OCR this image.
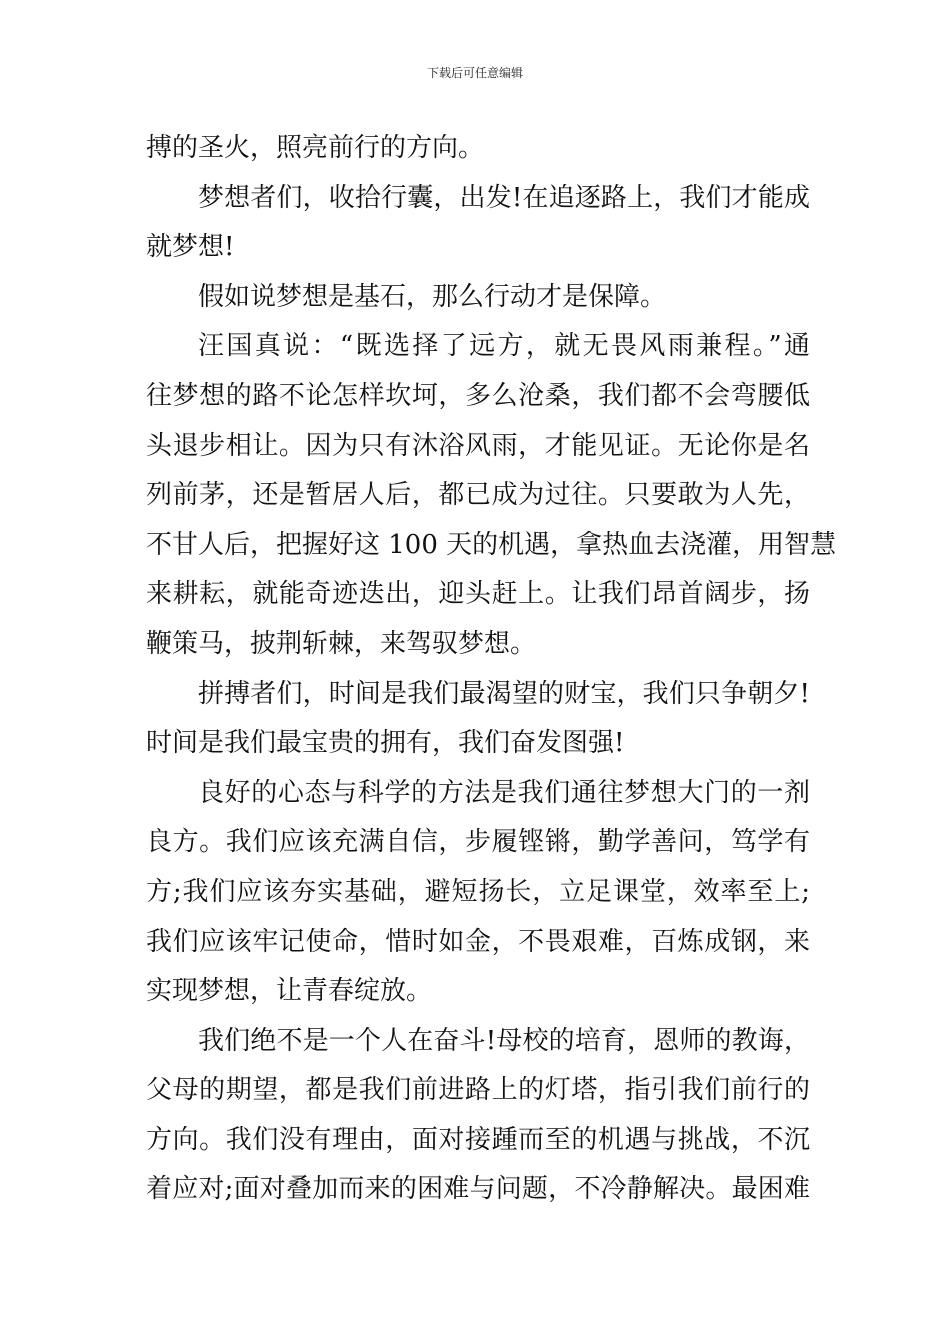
下载后可任意编辑
搏的圣火，照亮前行的方向。
梦想者们，收拾行囊，出发!在追逐路上，我们才能成
就梦想!
假如说梦想是基石，那么行动才是保障。
汪国真说：“既选择了远方，就无畏风雨兼程。”通
往梦想的路不论怎样坎坷，多么沧桑，我们都不会弯腰低
头退步相让。因为只有沐浴风雨，才能见证。无论你是名
列前茅，还是暂居人后，都已成为过往。只要敢为人先，
不甘人后，把握好这 100 天的机遇，拿热血去浇灌，用智慧
来耕耘，就能奇迹迭出，迎头赶上。让我们昂首阔步，扬
鞭策马，披荆斩棘，来驾驭梦想。
拼搏者们，时间是我们最渴望的财宝，我们只争朝夕!
时间是我们最宝贵的拥有，我们奋发图强!
良好的心态与科学的方法是我们通往梦想大门的一剂
良方。我们应该充满自信，步履铿锵，勤学善问，笃学有
方;我们应该夯实基础，避短扬长，立足课堂，效率至上;
我们应该牢记使命，惜时如金，不畏艰难，百炼成钢，来
实现梦想，让青春绽放。
我们绝不是一个人在奋斗!母校的培育，恩师的教诲，
父母的期望，都是我们前进路上的灯塔，指引我们前行的
方向。我们没有理由，面对接踵而至的机遇与挑战，不沉
着应对;面对叠加而来的困难与问题，不冷静解决。最困难
